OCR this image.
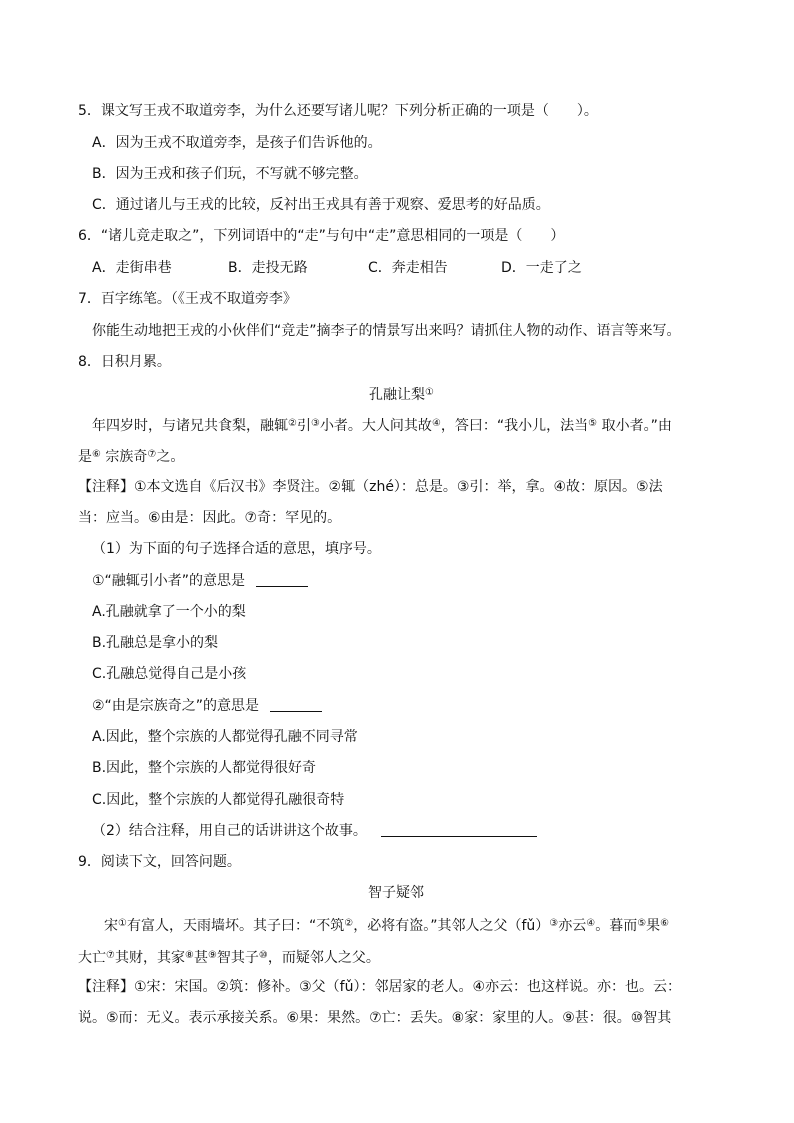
5．课文写王戎不取道旁李，为什么还要写诸儿呢？下列分析正确的一项是（　　）。
A．因为王戎不取道旁李，是孩子们告诉他的。
B．因为王戎和孩子们玩，不写就不够完整。
C．通过诸儿与王戎的比较，反衬出王戎具有善于观察、爱思考的好品质。
6．“诸儿竞走取之”，下列词语中的“走”与句中“走”意思相同的一项是（　　）
A．走街串巷	B．走投无路	C．奔走相告	D．一走了之
7．百字练笔。（《王戎不取道旁李》
你能生动地把王戎的小伙伴们“竞走”摘李子的情景写出来吗？请抓住人物的动作、语言等来写。
8．日积月累。
孔融让梨①
年四岁时，与诸兄共食梨，融辄②引③小者。大人问其故④，答曰：“我小儿，法当⑤ 取小者。”由
是⑥ 宗族奇⑦之。
【注释】①本文选自《后汉书》李贤注。②辄（zhé）：总是。③引：举，拿。④故：原因。⑤法
当：应当。⑥由是：因此。⑦奇：罕见的。
（1）为下面的句子选择合适的意思，填序号。
①“融辄引小者”的意思是
A.孔融就拿了一个小的梨
B.孔融总是拿小的梨
C.孔融总觉得自己是小孩
②“由是宗族奇之”的意思是
A.因此，整个宗族的人都觉得孔融不同寻常
B.因此，整个宗族的人都觉得很好奇
C.因此，整个宗族的人都觉得孔融很奇特
（2）结合注释，用自己的话讲讲这个故事。
9．阅读下文，回答问题。
智子疑邻
宋①有富人，天雨墙坏。其子曰：“不筑②，必将有盗。”其邻人之父（fǔ）③亦云④。暮而⑤果⑥
大亡⑦其财，其家⑧甚⑨智其子⑩，而疑邻人之父。
【注释】①宋：宋国。②筑：修补。③父（fǔ）：邻居家的老人。④亦云：也这样说。亦：也。云：
说。⑤而：无义。表示承接关系。⑥果：果然。⑦亡：丢失。⑧家：家里的人。⑨甚：很。⑩智其
